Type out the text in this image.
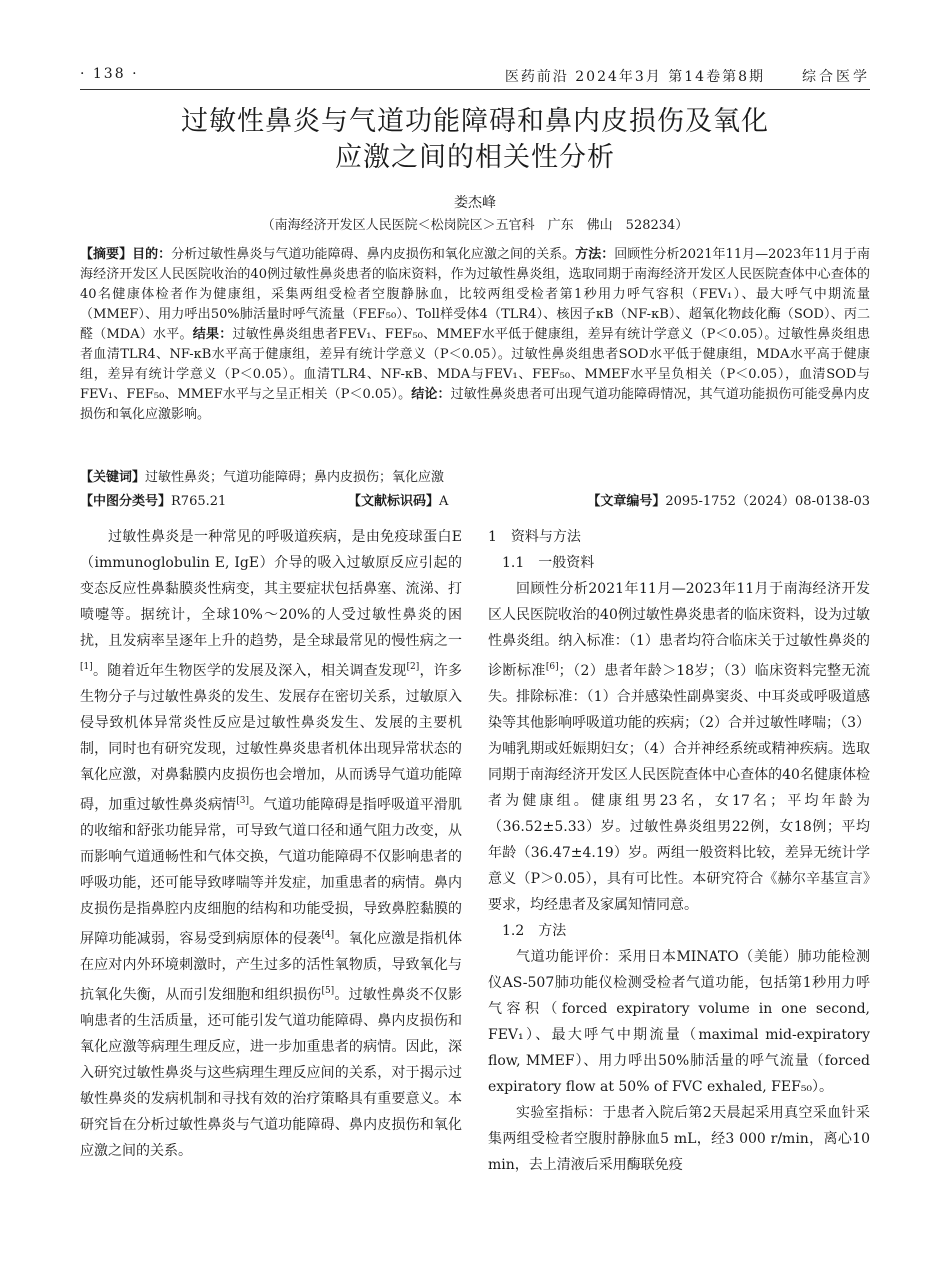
· 138 ·	医药前沿 2024年3月 第14卷第8期	综合医学
过敏性鼻炎与气道功能障碍和鼻内皮损伤及氧化
应激之间的相关性分析
娄杰峰
（南海经济开发区人民医院＜松岗院区＞五官科　广东　佛山　528234）
【摘要】目的：分析过敏性鼻炎与气道功能障碍、鼻内皮损伤和氧化应激之间的关系。方法：回顾性分析2021年11月—2023年11月于南海经济开发区人民医院收治的40例过敏性鼻炎患者的临床资料，作为过敏性鼻炎组，选取同期于南海经济开发区人民医院查体中心查体的40名健康体检者作为健康组，采集两组受检者空腹静脉血，比较两组受检者第1秒用力呼气容积（FEV₁）、最大呼气中期流量（MMEF）、用力呼出50%肺活量时呼气流量（FEF₅₀）、Toll样受体4（TLR4）、核因子κB（NF-κB）、超氧化物歧化酶（SOD）、丙二醛（MDA）水平。结果：过敏性鼻炎组患者FEV₁、FEF₅₀、MMEF水平低于健康组，差异有统计学意义（P＜0.05）。过敏性鼻炎组患者血清TLR4、NF-κB水平高于健康组，差异有统计学意义（P＜0.05）。过敏性鼻炎组患者SOD水平低于健康组，MDA水平高于健康组，差异有统计学意义（P＜0.05）。血清TLR4、NF-κB、MDA与FEV₁、FEF₅₀、MMEF水平呈负相关（P＜0.05），血清SOD与FEV₁、FEF₅₀、MMEF水平与之呈正相关（P＜0.05）。结论：过敏性鼻炎患者可出现气道功能障碍情况，其气道功能损伤可能受鼻内皮损伤和氧化应激影响。
【关键词】过敏性鼻炎；气道功能障碍；鼻内皮损伤；氧化应激
【中图分类号】R765.21	【文献标识码】A	【文章编号】2095-1752（2024）08-0138-03

过敏性鼻炎是一种常见的呼吸道疾病，是由免疫球蛋白E（immunoglobulin E, IgE）介导的吸入过敏原反应引起的变态反应性鼻黏膜炎性病变，其主要症状包括鼻塞、流涕、打喷嚏等。据统计，全球10%～20%的人受过敏性鼻炎的困扰，且发病率呈逐年上升的趋势，是全球最常见的慢性病之一[1]。随着近年生物医学的发展及深入，相关调查发现[2]，许多生物分子与过敏性鼻炎的发生、发展存在密切关系，过敏原入侵导致机体异常炎性反应是过敏性鼻炎发生、发展的主要机制，同时也有研究发现，过敏性鼻炎患者机体出现异常状态的氧化应激，对鼻黏膜内皮损伤也会增加，从而诱导气道功能障碍，加重过敏性鼻炎病情[3]。气道功能障碍是指呼吸道平滑肌的收缩和舒张功能异常，可导致气道口径和通气阻力改变，从而影响气道通畅性和气体交换，气道功能障碍不仅影响患者的呼吸功能，还可能导致哮喘等并发症，加重患者的病情。鼻内皮损伤是指鼻腔内皮细胞的结构和功能受损，导致鼻腔黏膜的屏障功能减弱，容易受到病原体的侵袭[4]。氧化应激是指机体在应对内外环境刺激时，产生过多的活性氧物质，导致氧化与抗氧化失衡，从而引发细胞和组织损伤[5]。过敏性鼻炎不仅影响患者的生活质量，还可能引发气道功能障碍、鼻内皮损伤和氧化应激等病理生理反应，进一步加重患者的病情。因此，深入研究过敏性鼻炎与这些病理生理反应间的关系，对于揭示过敏性鼻炎的发病机制和寻找有效的治疗策略具有重要意义。本研究旨在分析过敏性鼻炎与气道功能障碍、鼻内皮损伤和氧化应激之间的关系。

1　资料与方法

1.1　一般资料

回顾性分析2021年11月—2023年11月于南海经济开发区人民医院收治的40例过敏性鼻炎患者的临床资料，设为过敏性鼻炎组。纳入标准：（1）患者均符合临床关于过敏性鼻炎的诊断标准[6]；（2）患者年龄＞18岁；（3）临床资料完整无流失。排除标准：（1）合并感染性副鼻窦炎、中耳炎或呼吸道感染等其他影响呼吸道功能的疾病；（2）合并过敏性哮喘；（3）为哺乳期或妊娠期妇女；（4）合并神经系统或精神疾病。选取同期于南海经济开发区人民医院查体中心查体的40名健康体检者为健康组。健康组男23名，女17名；平均年龄为（36.52±5.33）岁。过敏性鼻炎组男22例，女18例；平均年龄（36.47±4.19）岁。两组一般资料比较，差异无统计学意义（P＞0.05），具有可比性。本研究符合《赫尔辛基宣言》要求，均经患者及家属知情同意。

1.2　方法

气道功能评价：采用日本MINATO（美能）肺功能检测仪AS-507肺功能仪检测受检者气道功能，包括第1秒用力呼气容积（forced expiratory volume in one second, FEV₁）、最大呼气中期流量（maximal mid-expiratory flow, MMEF）、用力呼出50%肺活量的呼气流量（forced expiratory flow at 50% of FVC exhaled, FEF₅₀）。

实验室指标：于患者入院后第2天晨起采用真空采血针采集两组受检者空腹肘静脉血5 mL，经3 000 r/min，离心10 min，去上清液后采用酶联免疫
